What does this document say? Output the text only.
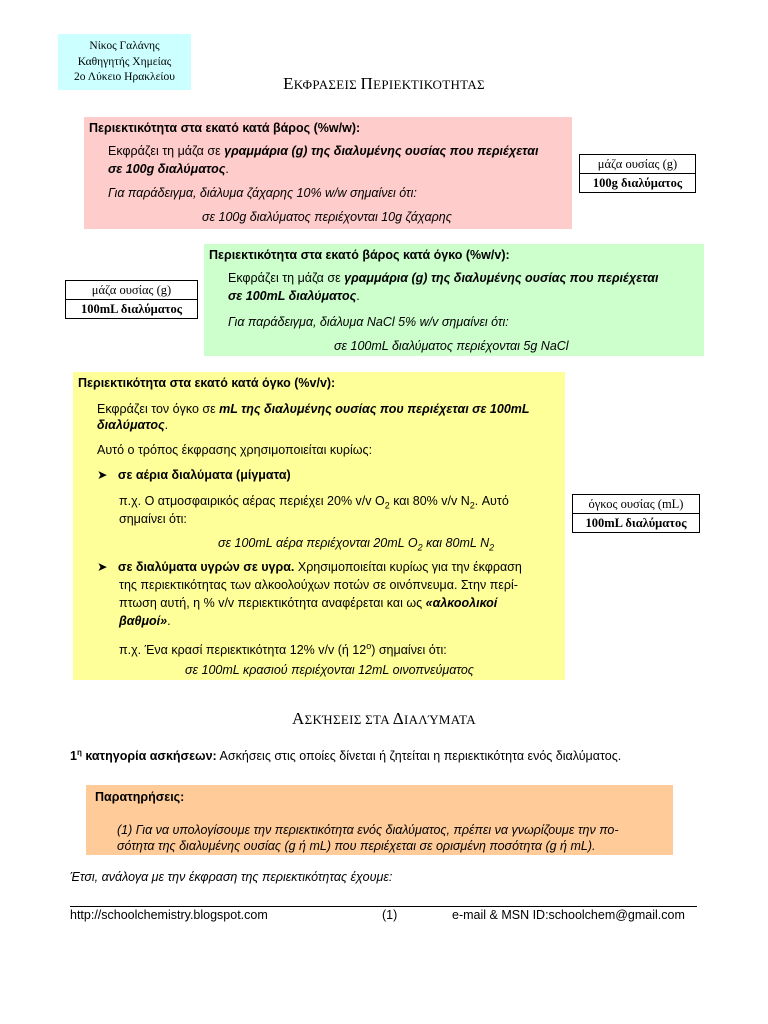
Νίκος Γαλάνης
Καθηγητής Χημείας
2ο Λύκειο Ηρακλείου	ΕΚΦΡΑΣΕΙΣ ΠΕΡΙΕΚΤΙΚΟΤΗΤΑΣ
Περιεκτικότητα στα εκατό κατά βάρος (%w/w):
Εκφράζει τη μάζα σε γραμμάρια (g) της διαλυμένης ουσίας που περιέχεται
σε 100g διαλύματος.
Για παράδειγμα, διάλυμα ζάχαρης 10% w/w σημαίνει ότι:
σε 100g διαλύματος περιέχονται 10g ζάχαρης
μάζα ουσίας (g)
100g διαλύματος
Περιεκτικότητα στα εκατό βάρος κατά όγκο (%w/v):
Εκφράζει τη μάζα σε γραμμάρια (g) της διαλυμένης ουσίας που περιέχεται
σε 100mL διαλύματος.
Για παράδειγμα, διάλυμα NaCl 5% w/v σημαίνει ότι:
σε 100mL διαλύματος περιέχονται 5g NaCl
μάζα ουσίας (g)
100mL διαλύματος
Περιεκτικότητα στα εκατό κατά όγκο (%v/v):
Εκφράζει τον όγκο σε mL της διαλυμένης ουσίας που περιέχεται σε 100mL
διαλύματος.
Αυτό ο τρόπος έκφρασης χρησιμοποιείται κυρίως:
➤ σε αέρια διαλύματα (μίγματα)
π.χ. Ο ατμοσφαιρικός αέρας περιέχει 20% v/v $O_2$ και 80% v/v $N_2$. Αυτό
σημαίνει ότι:
σε 100mL αέρα περιέχονται 20mL $O_2$ και 80mL $N_2$
➤ σε διαλύματα υγρών σε υγρα. Χρησιμοποιείται κυρίως για την έκφραση
της περιεκτικότητας των αλκοολούχων ποτών σε οινόπνευμα. Στην περί-
πτωση αυτή, η % v/v περιεκτικότητα αναφέρεται και ως «αλκοολικοί
βαθμοί».
π.χ. Ένα κρασί περιεκτικότητα 12% v/v (ή $12^o$) σημαίνει ότι:
σε 100mL κρασιού περιέχονται 12mL οινοπνεύματος
όγκος ουσίας (mL)
100mL διαλύματος
ΑΣΚΉΣΕΙΣ ΣΤΑ ΔΙΑΛΎΜΑΤΑ
$1^\eta$ κατηγορία ασκήσεων: Ασκήσεις στις οποίες δίνεται ή ζητείται η περιεκτικότητα ενός διαλύματος.
Παρατηρήσεις:
(1) Για να υπολογίσουμε την περιεκτικότητα ενός διαλύματος, πρέπει να γνωρίζουμε την πο-
σότητα της διαλυμένης ουσίας (g ή mL) που περιέχεται σε ορισμένη ποσότητα (g ή mL).
Έτσι, ανάλογα με την έκφραση της περιεκτικότητας έχουμε:
http://schoolchemistry.blogspot.com	(1)	e-mail & MSN ID:schoolchem@gmail.com
